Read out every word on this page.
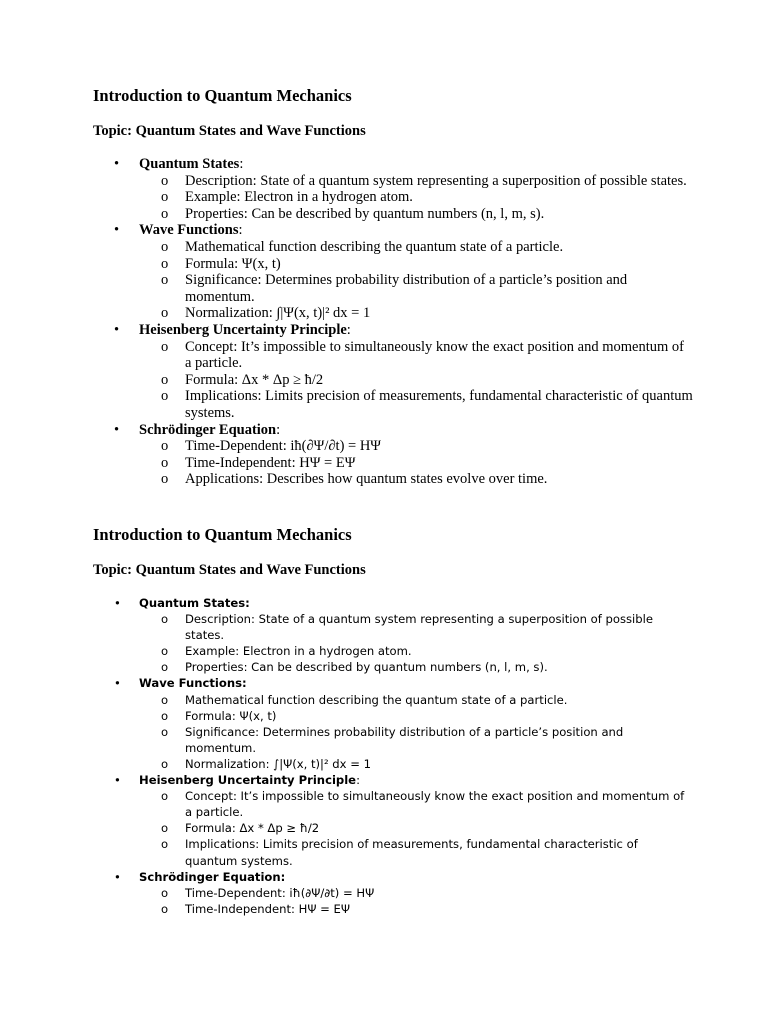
Introduction to Quantum Mechanics
Topic: Quantum States and Wave Functions
• Quantum States:
o Description: State of a quantum system representing a superposition of possible states.
o Example: Electron in a hydrogen atom.
o Properties: Can be described by quantum numbers (n, l, m, s).
• Wave Functions:
o Mathematical function describing the quantum state of a particle.
o Formula: Ψ(x, t)
o Significance: Determines probability distribution of a particle’s position and momentum.
o Normalization: ∫|Ψ(x, t)|² dx = 1
• Heisenberg Uncertainty Principle:
o Concept: It’s impossible to simultaneously know the exact position and momentum of a particle.
o Formula: Δx * Δp ≥ ħ/2
o Implications: Limits precision of measurements, fundamental characteristic of quantum systems.
• Schrödinger Equation:
o Time-Dependent: iħ(∂Ψ/∂t) = HΨ
o Time-Independent: HΨ = EΨ
o Applications: Describes how quantum states evolve over time.
Introduction to Quantum Mechanics
Topic: Quantum States and Wave Functions
• Quantum States:
o Description: State of a quantum system representing a superposition of possible states.
o Example: Electron in a hydrogen atom.
o Properties: Can be described by quantum numbers (n, l, m, s).
• Wave Functions:
o Mathematical function describing the quantum state of a particle.
o Formula: Ψ(x, t)
o Significance: Determines probability distribution of a particle’s position and momentum.
o Normalization: ∫|Ψ(x, t)|² dx = 1
• Heisenberg Uncertainty Principle:
o Concept: It’s impossible to simultaneously know the exact position and momentum of a particle.
o Formula: Δx * Δp ≥ ħ/2
o Implications: Limits precision of measurements, fundamental characteristic of quantum systems.
• Schrödinger Equation:
o Time-Dependent: iħ(∂Ψ/∂t) = HΨ
o Time-Independent: HΨ = EΨ
